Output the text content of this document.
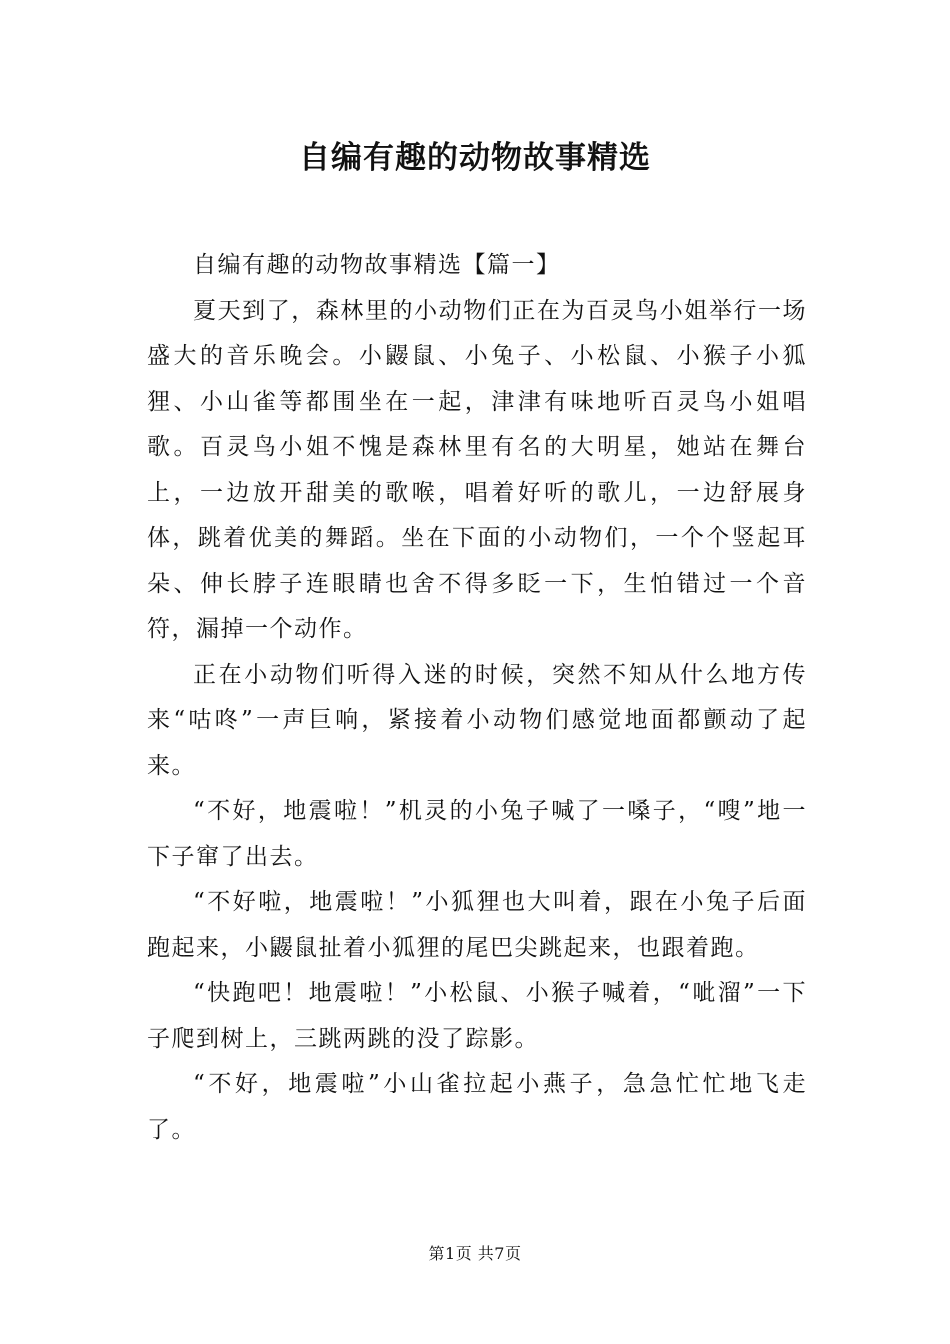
自编有趣的动物故事精选

自编有趣的动物故事精选【篇一】

夏天到了，森林里的小动物们正在为百灵鸟小姐举行一场盛大的音乐晚会。小鼹鼠、小兔子、小松鼠、小猴子小狐狸、小山雀等都围坐在一起，津津有味地听百灵鸟小姐唱歌。百灵鸟小姐不愧是森林里有名的大明星，她站在舞台上，一边放开甜美的歌喉，唱着好听的歌儿，一边舒展身体，跳着优美的舞蹈。坐在下面的小动物们，一个个竖起耳朵、伸长脖子连眼睛也舍不得多眨一下，生怕错过一个音符，漏掉一个动作。

正在小动物们听得入迷的时候，突然不知从什么地方传来“咕咚”一声巨响，紧接着小动物们感觉地面都颤动了起来。

“不好，地震啦！”机灵的小兔子喊了一嗓子，“嗖”地一下子窜了出去。

“不好啦，地震啦！”小狐狸也大叫着，跟在小兔子后面跑起来，小鼹鼠扯着小狐狸的尾巴尖跳起来，也跟着跑。

“快跑吧！地震啦！”小松鼠、小猴子喊着，“呲溜”一下子爬到树上，三跳两跳的没了踪影。

“不好，地震啦”小山雀拉起小燕子，急急忙忙地飞走了。

第1页 共7页
